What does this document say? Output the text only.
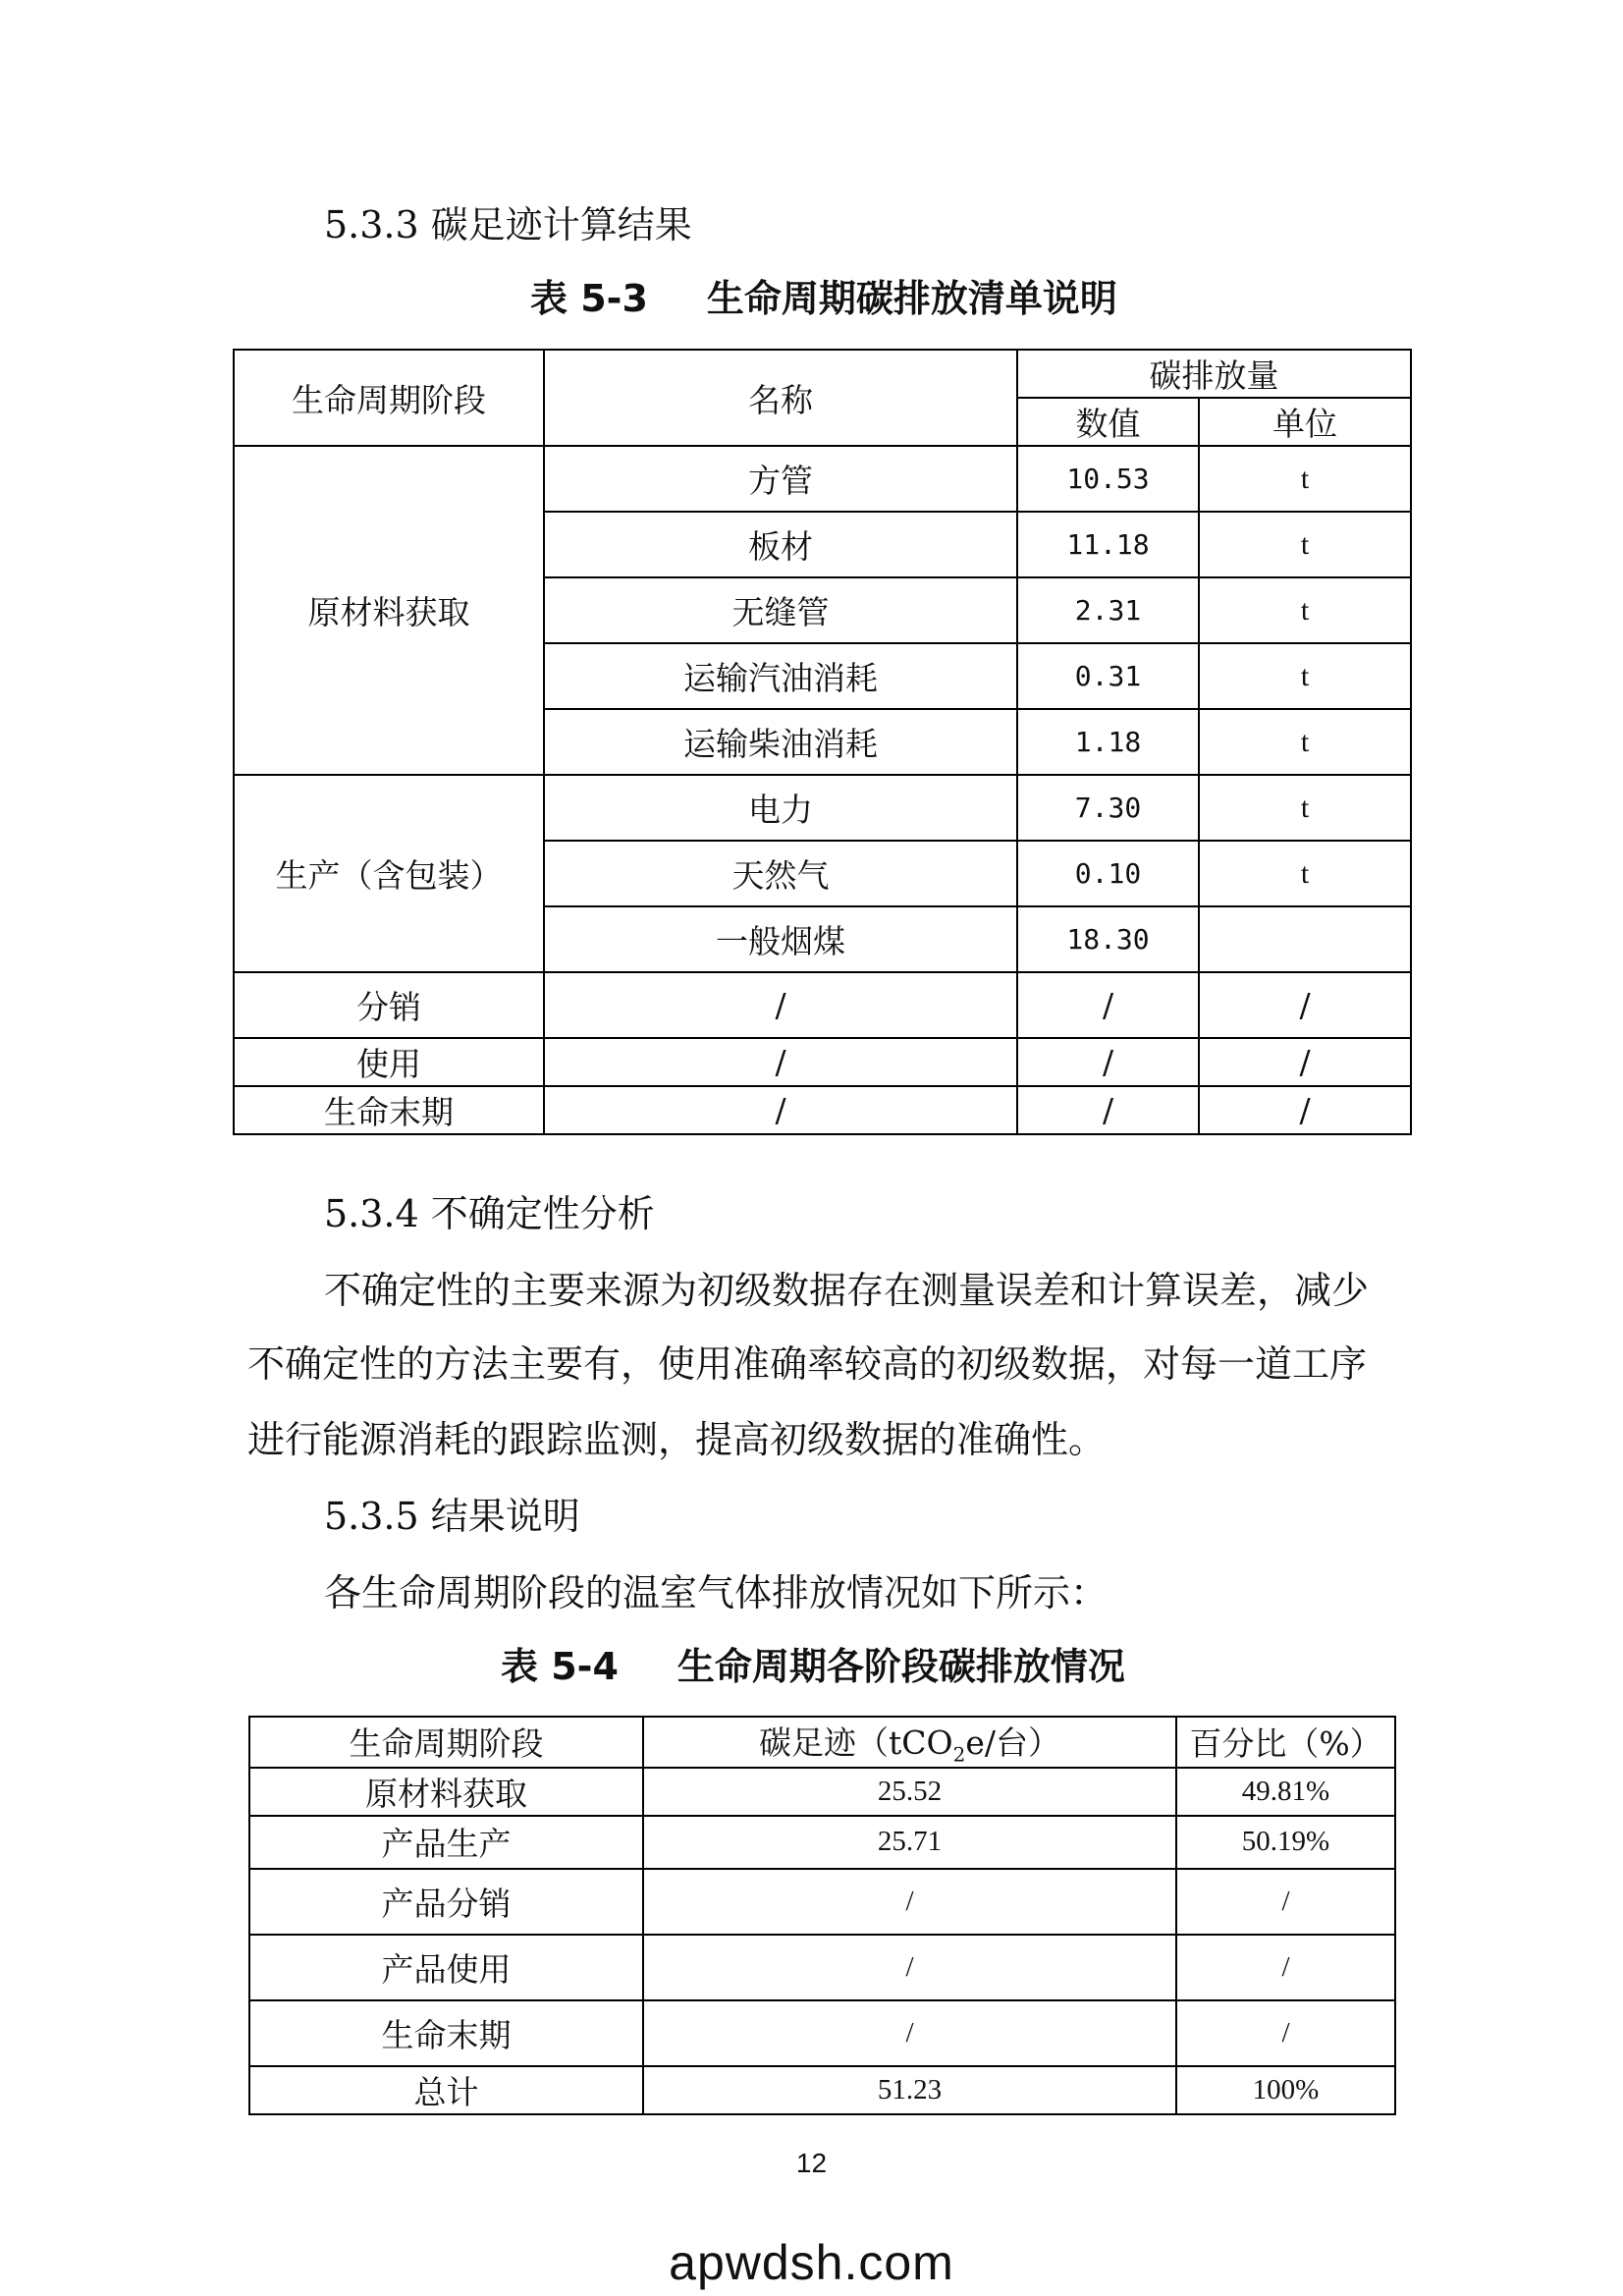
5.3.3 碳足迹计算结果
表 5-3 生命周期碳排放清单说明
生命周期阶段	名称	碳排放量	
		数值	单位
原材料获取	方管	10.53	t
	板材	11.18	t
	无缝管	2.31	t
	运输汽油消耗	0.31	t
	运输柴油消耗	1.18	t
生产（含包装）	电力	7.30	t
	天然气	0.10	t
	一般烟煤	18.30	
分销	/	/	/
使用	/	/	/
生命末期	/	/	/
5.3.4 不确定性分析
不确定性的主要来源为初级数据存在测量误差和计算误差，减少
不确定性的方法主要有，使用准确率较高的初级数据，对每一道工序
进行能源消耗的跟踪监测，提高初级数据的准确性。
5.3.5 结果说明
各生命周期阶段的温室气体排放情况如下所示：
表 5-4 生命周期各阶段碳排放情况
生命周期阶段	碳足迹（tCO$_2$e/台）	百分比（%）
原材料获取	25.52	49.81%
产品生产	25.71	50.19%
产品分销	/	/
产品使用	/	/
生命末期	/	/
总计	51.23	100%
12
apwdsh.com
